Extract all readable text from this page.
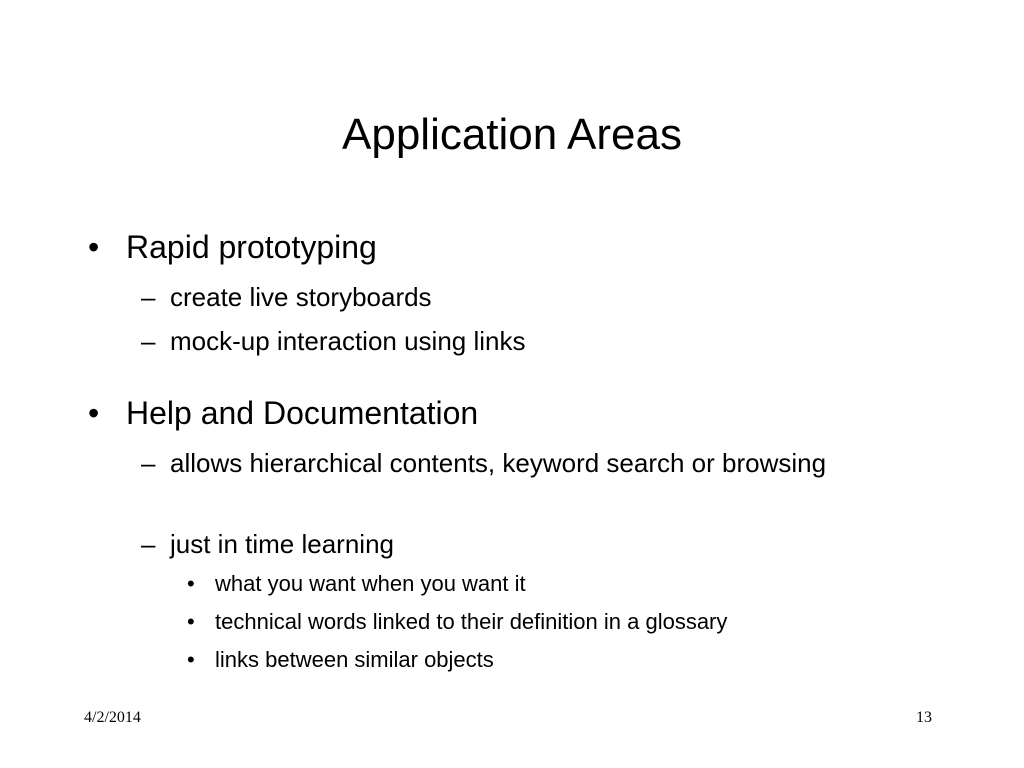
Application Areas
• Rapid prototyping
– create live storyboards
– mock-up interaction using links
• Help and Documentation
– allows hierarchical contents, keyword search or browsing
– just in time learning
• what you want when you want it
• technical words linked to their definition in a glossary
• links between similar objects
4/2/2014	13
